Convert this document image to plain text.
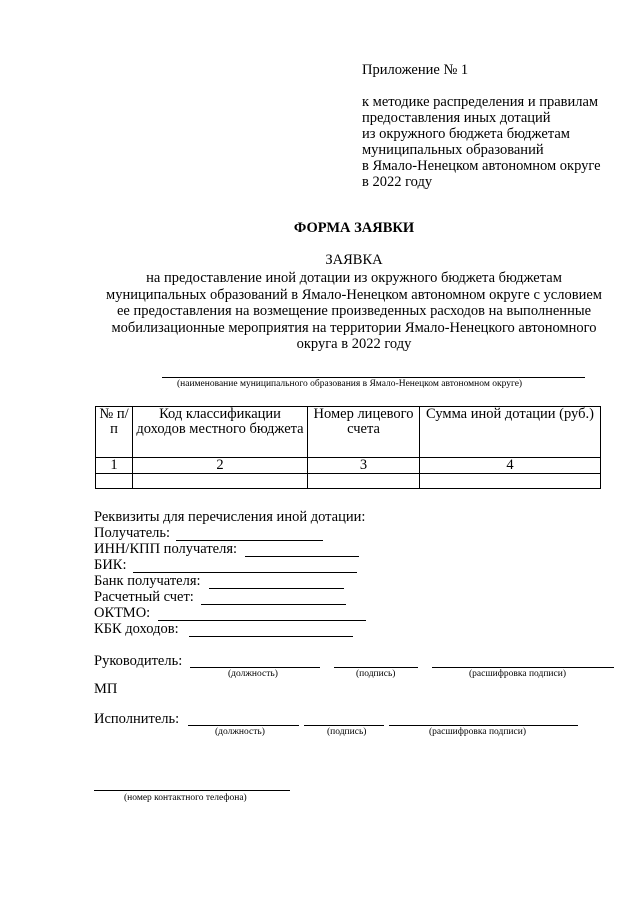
Приложение № 1
к методике распределения и правилам
предоставления иных дотаций
из окружного бюджета бюджетам
муниципальных образований
в Ямало-Ненецком автономном округе
в 2022 году
ФОРМА ЗАЯВКИ
ЗАЯВКА
на предоставление иной дотации из окружного бюджета бюджетам
муниципальных образований в Ямало-Ненецком автономном округе с условием
ее предоставления на возмещение произведенных расходов на выполненные
мобилизационные мероприятия на территории Ямало-Ненецкого автономного
округа в 2022 году
(наименование муниципального образования в Ямало-Ненецком автономном округе)
№ п/п	Код классификации доходов местного бюджета	Номер лицевого счета	Сумма иной дотации (руб.)
1	2	3	4

Реквизиты для перечисления иной дотации:
Получатель:
ИНН/КПП получателя:
БИК:
Банк получателя:
Расчетный счет:
ОКТМО:
КБК доходов:
Руководитель:
(должность)	(подпись)	(расшифровка подписи)
МП
Исполнитель:
(должность)	(подпись)	(расшифровка подписи)
(номер контактного телефона)
